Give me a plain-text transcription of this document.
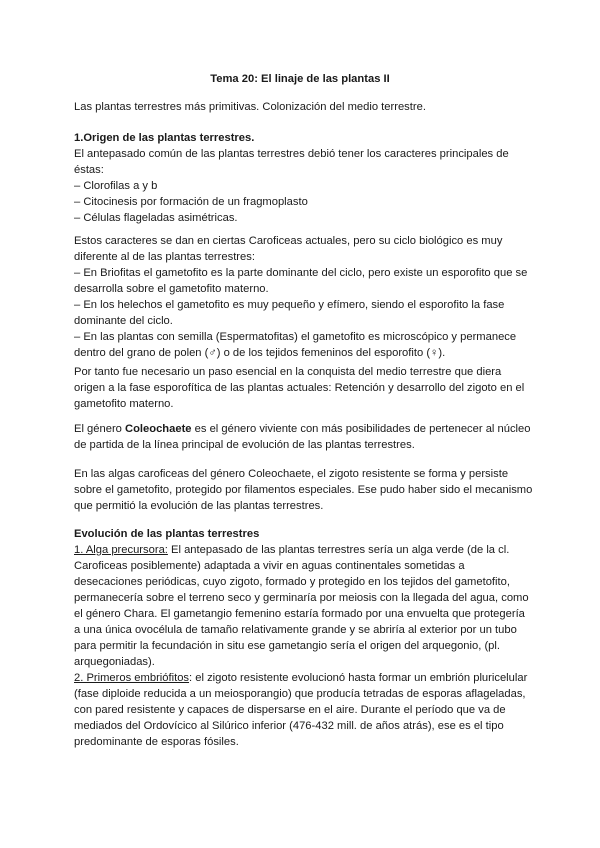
Tema 20: El linaje de las plantas II
Las plantas terrestres más primitivas. Colonización del medio terrestre.

1.Origen de las plantas terrestres.

El antepasado común de las plantas terrestres debió tener los caracteres principales de

éstas:

– Clorofilas a y b

– Citocinesis por formación de un fragmoplasto

– Células flageladas asimétricas.

Estos caracteres se dan en ciertas Caroficeas actuales, pero su ciclo biológico es muy

diferente al de las plantas terrestres:

– En Briofitas el gametofito es la parte dominante del ciclo, pero existe un esporofito que se

desarrolla sobre el gametofito materno.

– En los helechos el gametofito es muy pequeño y efímero, siendo el esporofito la fase

dominante del ciclo.

– En las plantas con semilla (Espermatofitas) el gametofito es microscópico y permanece

dentro del grano de polen (♂) o de los tejidos femeninos del esporofito (♀).

Por tanto fue necesario un paso esencial en la conquista del medio terrestre que diera

origen a la fase esporofítica de las plantas actuales: Retención y desarrollo del zigoto en el

gametofito materno.

El género Coleochaete es el género viviente con más posibilidades de pertenecer al núcleo

de partida de la línea principal de evolución de las plantas terrestres.

En las algas caroficeas del género Coleochaete, el zigoto resistente se forma y persiste

sobre el gametofito, protegido por filamentos especiales. Ese pudo haber sido el mecanismo

que permitió la evolución de las plantas terrestres.

Evolución de las plantas terrestres

1. Alga precursora: El antepasado de las plantas terrestres sería un alga verde (de la cl.

Caroficeas posiblemente) adaptada a vivir en aguas continentales sometidas a

desecaciones periódicas, cuyo zigoto, formado y protegido en los tejidos del gametofito,

permanecería sobre el terreno seco y germinaría por meiosis con la llegada del agua, como

el género Chara. El gametangio femenino estaría formado por una envuelta que protegería

a una única ovocélula de tamaño relativamente grande y se abriría al exterior por un tubo

para permitir la fecundación in situ ese gametangio sería el origen del arquegonio, (pl.

arquegoniadas).

2. Primeros embriófitos: el zigoto resistente evolucionó hasta formar un embrión pluricelular

(fase diploide reducida a un meiosporangio) que producía tetradas de esporas aflageladas,

con pared resistente y capaces de dispersarse en el aire. Durante el período que va de

mediados del Ordovícico al Silúrico inferior (476-432 mill. de años atrás), ese es el tipo

predominante de esporas fósiles.
